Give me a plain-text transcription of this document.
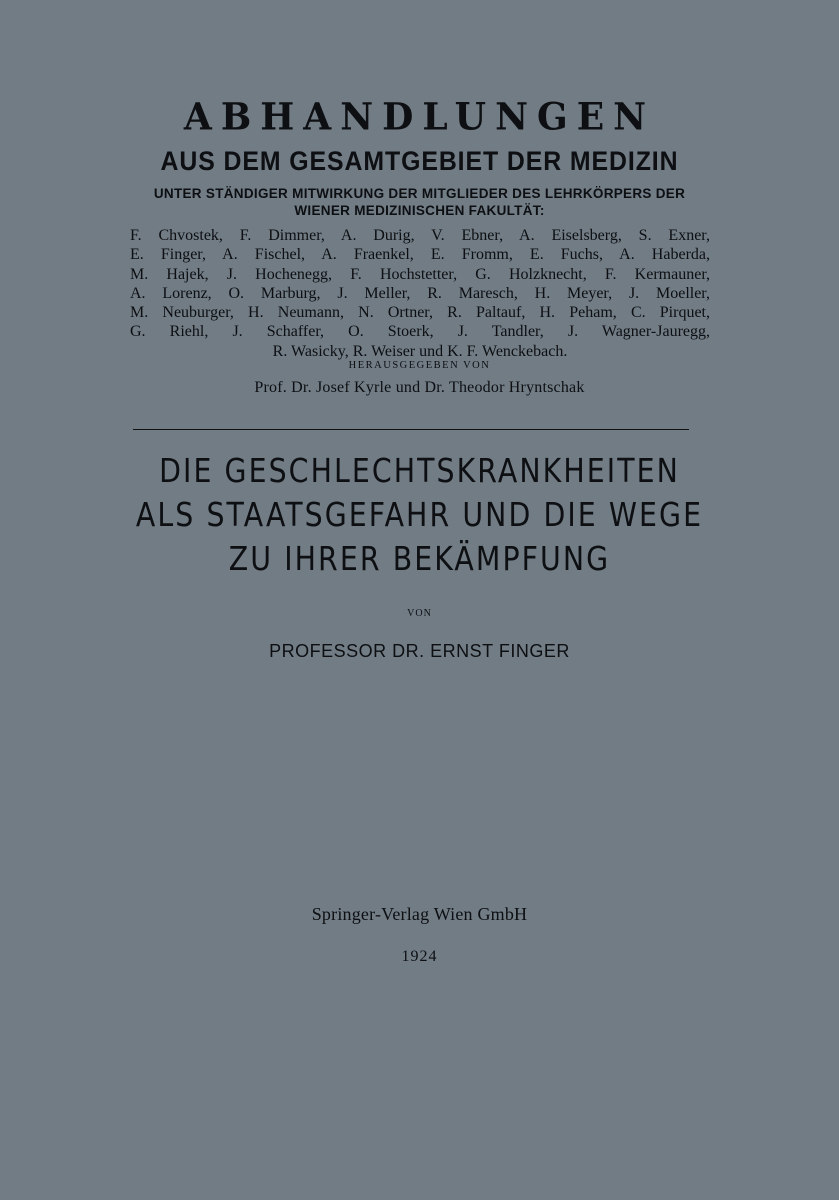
ABHANDLUNGEN
AUS DEM GESAMTGEBIET DER MEDIZIN
UNTER STÄNDIGER MITWIRKUNG DER MITGLIEDER DES LEHRKÖRPERS DER
WIENER MEDIZINISCHEN FAKULTÄT:
F. Chvostek, F. Dimmer, A. Durig, V. Ebner, A. Eiselsberg, S. Exner,
E. Finger, A. Fischel, A. Fraenkel, E. Fromm, E. Fuchs, A. Haberda,
M. Hajek, J. Hochenegg, F. Hochstetter, G. Holzknecht, F. Kermauner,
A. Lorenz, O. Marburg, J. Meller, R. Maresch, H. Meyer, J. Moeller,
M. Neuburger, H. Neumann, N. Ortner, R. Paltauf, H. Peham, C. Pirquet,
G. Riehl, J. Schaffer, O. Stoerk, J. Tandler, J. Wagner-Jauregg,
R. Wasicky, R. Weiser und K. F. Wenckebach.
HERAUSGEGEBEN VON
Prof. Dr. Josef Kyrle und Dr. Theodor Hryntschak
DIE GESCHLECHTSKRANKHEITEN
ALS STAATSGEFAHR UND DIE WEGE
ZU IHRER BEKÄMPFUNG
VON
PROFESSOR DR. ERNST FINGER
Springer-Verlag Wien GmbH
1924
